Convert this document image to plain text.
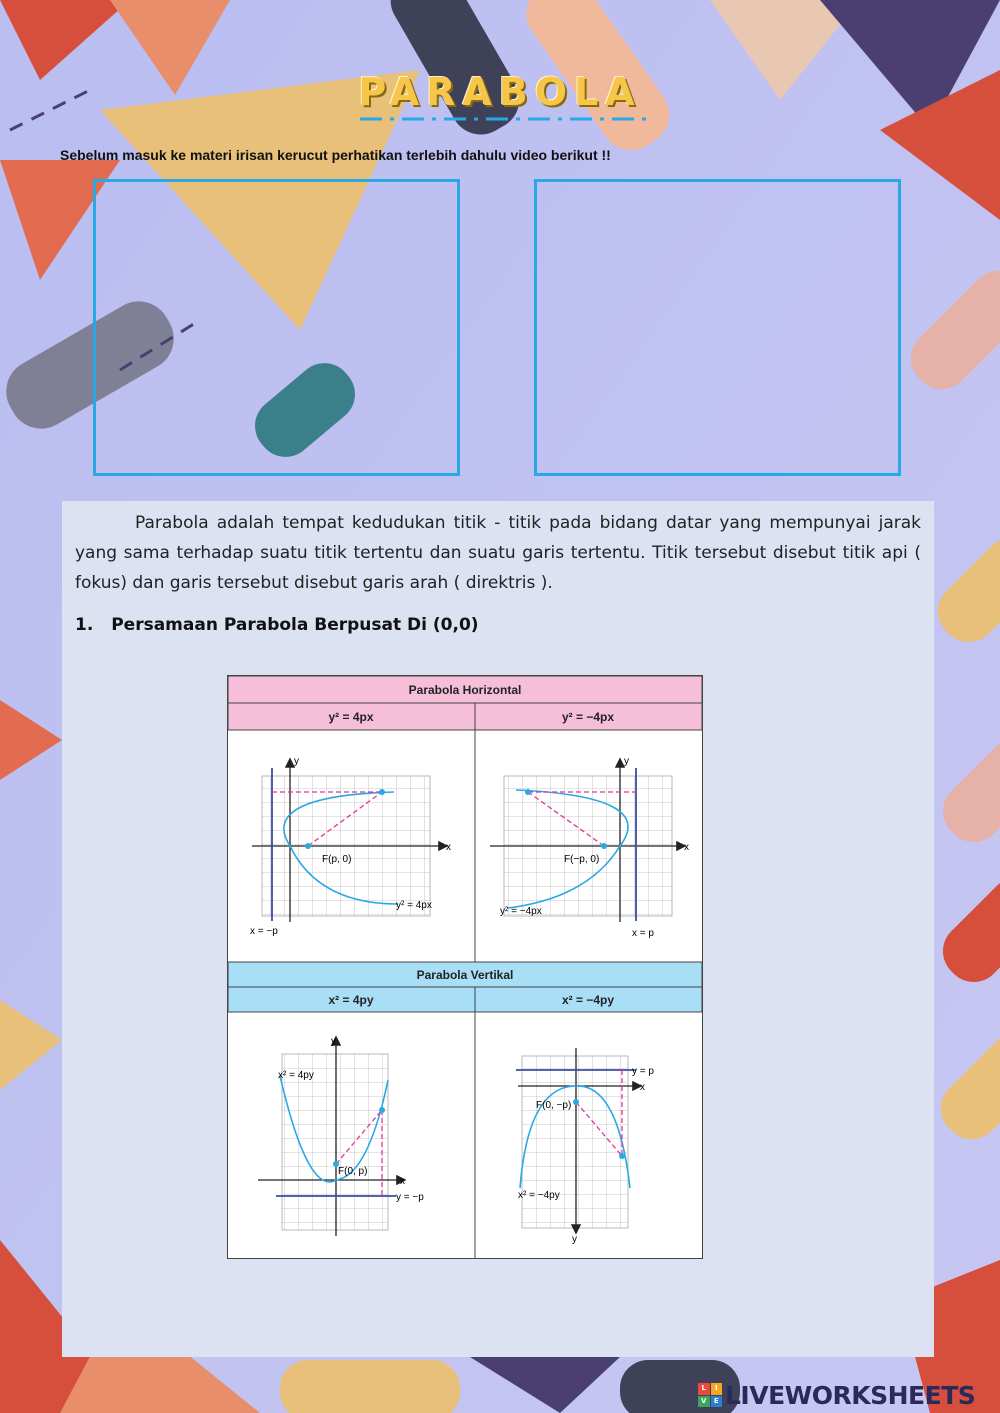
PARABOLA
Sebelum masuk ke materi irisan kerucut perhatikan terlebih dahulu video berikut !!

Parabola adalah tempat kedudukan titik - titik pada bidang datar yang mempunyai jarak yang sama terhadap suatu titik tertentu dan suatu garis tertentu. Titik tersebut disebut titik api ( fokus) dan garis tersebut disebut garis arah ( direktris ).

1. Persamaan Parabola Berpusat Di (0,0)
Parabola Horizontal
y² = 4px	y² = −4px
Parabola Vertikal
x² = 4py	x² = −4py
y
x
F(p, 0)
y² = 4px
x = −p
y
x
F(−p, 0)
y² = −4px
x = p
y
x
F(0, p)
x² = 4py
y = −p
y
x
F(0, −p)
x² = −4py
y = p
L	I
V	E LIVEWORKSHEETS
